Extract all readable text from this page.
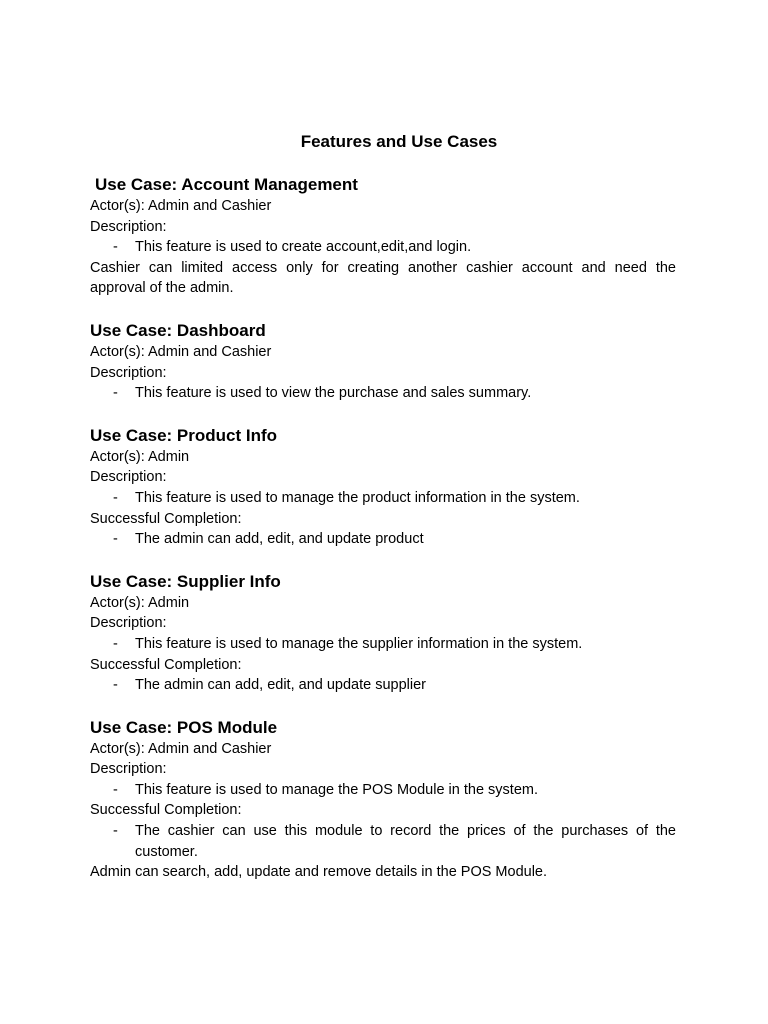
Features and Use Cases
Use Case: Account Management
Actor(s): Admin and Cashier
Description:
-	This feature is used to create account,edit,and login.
Cashier can limited access only for creating another cashier account and need the approval of the admin.
Use Case: Dashboard
Actor(s): Admin and Cashier
Description:
-	This feature is used to view the purchase and sales summary.
Use Case: Product Info
Actor(s): Admin
Description:
-	This feature is used to manage the product information in the system.
Successful Completion:
-	The admin can add, edit, and update product
Use Case: Supplier Info
Actor(s): Admin
Description:
-	This feature is used to manage the supplier information in the system.
Successful Completion:
-	The admin can add, edit, and update supplier
Use Case: POS Module
Actor(s): Admin and Cashier
Description:
-	This feature is used to manage the POS Module in the system.
Successful Completion:
-	The cashier can use this module to record the prices of the purchases of the customer.
Admin can search, add, update and remove details in the POS Module.
